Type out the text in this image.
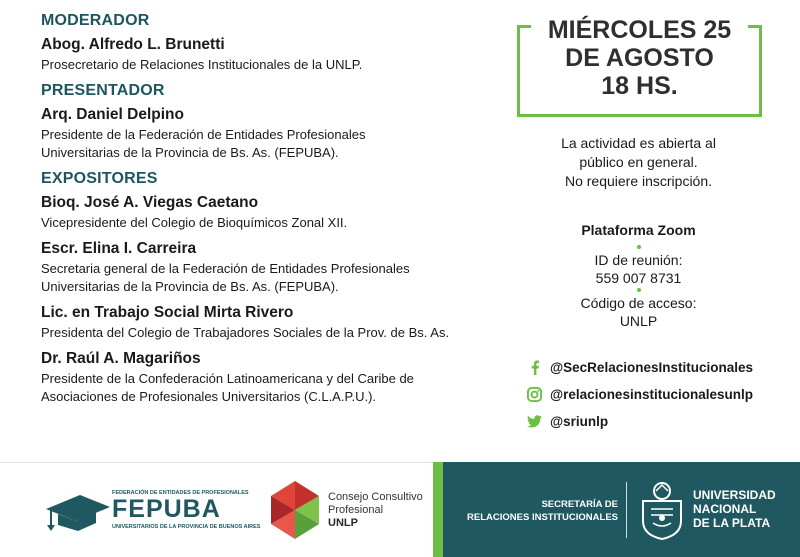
MODERADOR
Abog. Alfredo L. Brunetti
Prosecretario de Relaciones Institucionales de la UNLP.
PRESENTADOR
Arq. Daniel Delpino
Presidente de la Federación de Entidades Profesionales
Universitarias de la Provincia de Bs. As. (FEPUBA).
EXPOSITORES
Bioq. José A. Viegas Caetano
Vicepresidente del Colegio de Bioquímicos Zonal XII.
Escr. Elina I. Carreira
Secretaria general de la Federación de Entidades Profesionales
Universitarias de la Provincia de Bs. As. (FEPUBA).
Lic. en Trabajo Social Mirta Rivero
Presidenta del Colegio de Trabajadores Sociales de la Prov. de Bs. As.
Dr. Raúl A. Magariños
Presidente de la Confederación Latinoamericana y del Caribe de
Asociaciones de Profesionales Universitarios (C.L.A.P.U.).
MIÉRCOLES 25
DE AGOSTO
18 HS.
La actividad es abierta al
público en general.
No requiere inscripción.
Plataforma Zoom
ID de reunión:
559 007 8731
Código de acceso:
UNLP
@SecRelacionesInstitucionales
@relacionesinstitucionalesunlp
@sriunlp
FEDERACIÓN DE ENTIDADES DE PROFESIONALES
FEPUBA
UNIVERSITARIOS DE LA PROVINCIA DE BUENOS AIRES
Consejo Consultivo
Profesional
UNLP
SECRETARÍA DE
RELACIONES INSTITUCIONALES
UNIVERSIDAD
NACIONAL
DE LA PLATA
